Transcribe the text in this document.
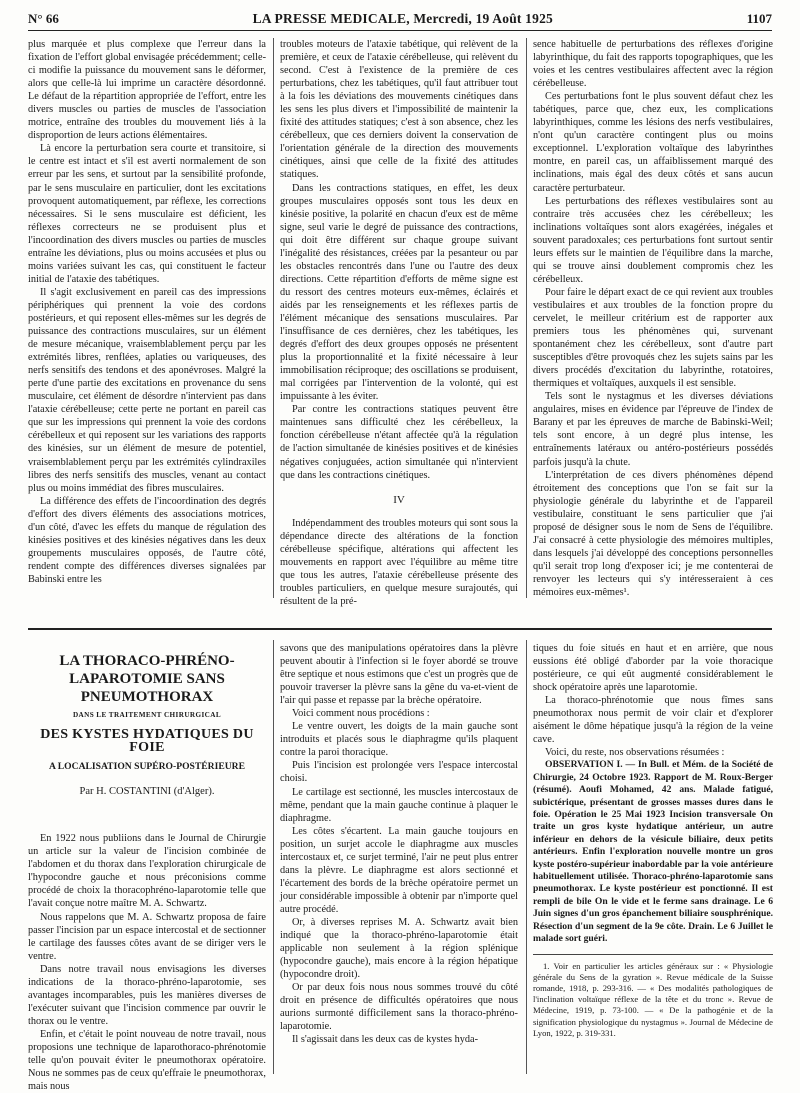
N° 66	LA PRESSE MEDICALE, Mercredi, 19 Août 1925	1107

plus marquée et plus complexe que l'erreur dans la fixation de l'effort global envisagée précédemment; celle-ci modifie la puissance du mouvement sans le déformer, alors que celle-là lui imprime un caractère désordonné. Le défaut de la répartition appropriée de l'effort, entre les divers muscles ou parties de muscles de l'association motrice, entraîne des troubles du mouvement liés à la disproportion de leurs actions élémentaires.

Là encore la perturbation sera courte et transitoire, si le centre est intact et s'il est averti normalement de son erreur par les sens, et surtout par la sensibilité profonde, par le sens musculaire en particulier, dont les excitations provoquent automatiquement, par réflexe, les corrections nécessaires. Si le sens musculaire est déficient, les réflexes correcteurs ne se produisent plus et l'incoordination des divers muscles ou parties de muscles entraîne les déviations, plus ou moins accusées et plus ou moins variées suivant les cas, qui constituent le facteur initial de l'ataxie des tabétiques.

Il s'agit exclusivement en pareil cas des impressions périphériques qui prennent la voie des cordons postérieurs, et qui reposent elles-mêmes sur les degrés de puissance des contractions musculaires, sur un élément de mesure mécanique, vraisemblablement perçu par les extrémités libres, renflées, aplaties ou variqueuses, des nerfs sensitifs des tendons et des aponévroses. Malgré la perte d'une partie des excitations en provenance du sens musculaire, cet élément de désordre n'intervient pas dans l'ataxie cérébelleuse; cette perte ne portant en pareil cas que sur les impressions qui prennent la voie des cordons cérébelleux et qui reposent sur les variations des rapports des kinésies, sur un élément de mesure de potentiel, vraisemblablement perçu par les extrémités cylindraxiles libres des nerfs sensitifs des muscles, venant au contact plus ou moins immédiat des fibres musculaires.

La différence des effets de l'incoordination des degrés d'effort des divers éléments des associations motrices, d'un côté, d'avec les effets du manque de régulation des kinésies positives et des kinésies négatives dans les deux groupements musculaires opposés, de l'autre côté, rendent compte des différences diverses signalées par Babinski entre les

troubles moteurs de l'ataxie tabétique, qui relèvent de la première, et ceux de l'ataxie cérébelleuse, qui relèvent du second. C'est à l'existence de la première de ces perturbations, chez les tabétiques, qu'il faut attribuer tout à la fois les déviations des mouvements cinétiques dans les sens les plus divers et l'impossibilité de maintenir la fixité des attitudes statiques; c'est à son absence, chez les cérébelleux, que ces derniers doivent la conservation de l'orientation générale de la direction des mouvements cinétiques, ainsi que celle de la fixité des attitudes statiques.

Dans les contractions statiques, en effet, les deux groupes musculaires opposés sont tous les deux en kinésie positive, la polarité en chacun d'eux est de même signe, seul varie le degré de puissance des contractions, qui doit être différent sur chaque groupe suivant l'inégalité des résistances, créées par la pesanteur ou par les obstacles rencontrés dans l'une ou l'autre des deux directions. Cette répartition d'efforts de même signe est du ressort des centres moteurs eux-mêmes, éclairés et aidés par les renseignements et les réflexes partis de l'élément mécanique des sensations musculaires. Par l'insuffisance de ces dernières, chez les tabétiques, les degrés d'effort des deux groupes opposés ne présentent plus la proportionnalité et la fixité nécessaire à leur immobilisation réciproque; des oscillations se produisent, mal corrigées par l'intervention de la volonté, qui est impuissante à les éviter.

Par contre les contractions statiques peuvent être maintenues sans difficulté chez les cérébelleux, la fonction cérébelleuse n'étant affectée qu'à la régulation de l'action simultanée de kinésies positives et de kinésies négatives conjuguées, action simultanée qui n'intervient que dans les contractions cinétiques.

IV

Indépendamment des troubles moteurs qui sont sous la dépendance directe des altérations de la fonction cérébelleuse spécifique, altérations qui affectent les mouvements en rapport avec l'équilibre au même titre que tous les autres, l'ataxie cérébelleuse présente des troubles particuliers, en quelque mesure surajoutés, qui résultent de la pré-

sence habituelle de perturbations des réflexes d'origine labyrinthique, du fait des rapports topographiques, que les voies et les centres vestibulaires affectent avec la région cérébelleuse.

Ces perturbations font le plus souvent défaut chez les tabétiques, parce que, chez eux, les complications labyrinthiques, comme les lésions des nerfs vestibulaires, n'ont qu'un caractère contingent plus ou moins exceptionnel. L'exploration voltaïque des labyrinthes montre, en pareil cas, un affaiblissement marqué des inclinations, mais égal des deux côtés et sans aucun caractère perturbateur.

Les perturbations des réflexes vestibulaires sont au contraire très accusées chez les cérébelleux; les inclinations voltaïques sont alors exagérées, inégales et souvent paradoxales; ces perturbations font surtout sentir leurs effets sur le maintien de l'équilibre dans la marche, qui se trouve ainsi doublement compromis chez les cérébelleux.

Pour faire le départ exact de ce qui revient aux troubles vestibulaires et aux troubles de la fonction propre du cervelet, le meilleur critérium est de rapporter aux premiers tous les phénomènes qui, survenant spontanément chez les cérébelleux, sont d'autre part susceptibles d'être provoqués chez les sujets sains par les divers procédés d'excitation du labyrinthe, rotatoires, thermiques et voltaïques, auxquels il est sensible.

Tels sont le nystagmus et les diverses déviations angulaires, mises en évidence par l'épreuve de l'index de Barany et par les épreuves de marche de Babinski-Weil; tels sont encore, à un degré plus intense, les entraînements latéraux ou antéro-postérieurs possédés parfois jusqu'à la chute.

L'interprétation de ces divers phénomènes dépend étroitement des conceptions que l'on se fait sur la physiologie générale du labyrinthe et de l'appareil vestibulaire, constituant le sens particulier que j'ai proposé de désigner sous le nom de Sens de l'équilibre. J'ai consacré à cette physiologie des mémoires multiples, dans lesquels j'ai développé des conceptions personnelles qu'il serait trop long d'exposer ici; je me contenterai de renvoyer les lecteurs qui s'y intéresseraient à ces mémoires eux-mêmes¹.

LA THORACO-PHRÉNO-LAPAROTOMIE SANS PNEUMOTHORAX
DANS LE TRAITEMENT CHIRURGICAL
DES KYSTES HYDATIQUES DU FOIE
A LOCALISATION SUPÉRO-POSTÉRIEURE
Par H. COSTANTINI (d'Alger).

En 1922 nous publiions dans le Journal de Chirurgie un article sur la valeur de l'incision combinée de l'abdomen et du thorax dans l'exploration chirurgicale de l'hypocondre gauche et nous préconisions comme procédé de choix la thoracophréno-laparotomie telle que l'avait conçue notre maître M. A. Schwartz.

Nous rappelons que M. A. Schwartz proposa de faire passer l'incision par un espace intercostal et de sectionner le cartilage des fausses côtes avant de se diriger vers le ventre.

Dans notre travail nous envisagions les diverses indications de la thoraco-phréno-laparotomie, ses avantages incomparables, puis les manières diverses de l'exécuter suivant que l'incision commence par ouvrir le thorax ou le ventre.

Enfin, et c'était le point nouveau de notre travail, nous proposions une technique de laparothoraco-phrénotomie telle qu'on pouvait éviter le pneumothorax opératoire. Nous ne sommes pas de ceux qu'effraie le pneumothorax, mais nous

savons que des manipulations opératoires dans la plèvre peuvent aboutir à l'infection si le foyer abordé se trouve être septique et nous estimons que c'est un progrès que de pouvoir traverser la plèvre sans la gêne du va-et-vient de l'air qui passe et repasse par la brèche opératoire.

Voici comment nous procédions :

Le ventre ouvert, les doigts de la main gauche sont introduits et placés sous le diaphragme qu'ils plaquent contre la paroi thoracique.

Puis l'incision est prolongée vers l'espace intercostal choisi.

Le cartilage est sectionné, les muscles intercostaux de même, pendant que la main gauche continue à plaquer le diaphragme.

Les côtes s'écartent. La main gauche toujours en position, un surjet accole le diaphragme aux muscles intercostaux et, ce surjet terminé, l'air ne peut plus entrer dans la plèvre. Le diaphragme est alors sectionné et l'écartement des bords de la brèche opératoire permet un jour considérable impossible à obtenir par n'importe quel autre procédé.

Or, à diverses reprises M. A. Schwartz avait bien indiqué que la thoraco-phréno-laparotomie était applicable non seulement à la région splénique (hypocondre gauche), mais encore à la région hépatique (hypocondre droit).

Or par deux fois nous nous sommes trouvé du côté droit en présence de difficultés opératoires que nous aurions surmonté difficilement sans la thoraco-phréno-laparotomie.

Il s'agissait dans les deux cas de kystes hyda-

tiques du foie situés en haut et en arrière, que nous eussions été obligé d'aborder par la voie thoracique postérieure, ce qui eût augmenté considérablement le shock opératoire après une laparotomie.

La thoraco-phrénotomie que nous fîmes sans pneumothorax nous permit de voir clair et d'explorer aisément le dôme hépatique jusqu'à la région de la veine cave.

Voici, du reste, nos observations résumées :

OBSERVATION I. — In Bull. et Mém. de la Société de Chirurgie, 24 Octobre 1923. Rapport de M. Roux-Berger (résumé). Aoufi Mohamed, 42 ans. Malade fatigué, subictérique, présentant de grosses masses dures dans le foie. Opération le 25 Mai 1923 Incision transversale On traite un gros kyste hydatique antérieur, un autre inférieur en dehors de la vésicule biliaire, deux petits antérieurs. Enfin l'exploration nouvelle montre un gros kyste postéro-supérieur inabordable par la voie antérieure habituellement utilisée. Thoraco-phréno-laparotomie sans pneumothorax. Le kyste postérieur est ponctionné. Il est rempli de bile On le vide et le ferme sans drainage. Le 6 Juin signes d'un gros épanchement biliaire sousphrénique. Résection d'un segment de la 9e côte. Drain. Le 6 Juillet le malade sort guéri.

1. Voir en particulier les articles généraux sur : « Physiologie générale du Sens de la gyration ». Revue médicale de la Suisse romande, 1918, p. 293-316. — « Des modalités pathologiques de l'inclination voltaïque réflexe de la tête et du tronc ». Revue de Médecine, 1919, p. 73-100. — « De la pathogénie et de la signification physiologique du nystagmus ». Journal de Médecine de Lyon, 1922, p. 319-331.
